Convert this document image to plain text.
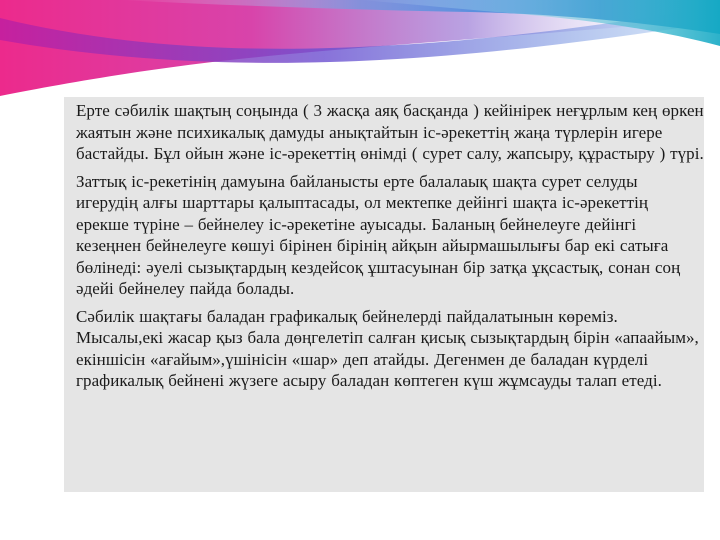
Ерте сәбилік шақтың соңында ( 3 жасқа аяқ басқанда ) кейінірек неғұрлым кең өркен жаятын және психикалық дамуды анықтайтын іс-әрекеттің жаңа түрлерін игере бастайды. Бұл ойын және іс-әрекеттің өнімді ( сурет салу, жапсыру, құрастыру ) түрі.

Заттық іс-рекетінің дамуына байланысты ерте балалаық шақта сурет селуды игерудің алғы шарттары қалыптасады, ол мектепке дейінгі шақта іс-әрекеттің ерекше түріне – бейнелеу іс-әрекетіне ауысады. Баланың бейнелеуге дейінгі кезеңнен бейнелеуге көшуі бірінен бірінің айқын айырмашылығы бар екі сатыға бөлінеді: әуелі сызықтардың кездейсоқ ұштасуынан бір затқа ұқсастық, сонан соң әдейі бейнелеу пайда болады.

Сәбилік шақтағы баладан графикалық бейнелерді пайдалатынын көреміз. Мысалы,екі жасар қыз бала дөңгелетіп салған қисық сызықтардың бірін «апаайым», екіншісін «ағайым»,үшінісін «шар» деп атайды. Дегенмен де баладан күрделі графикалық бейнені жүзеге асыру баладан көптеген күш жұмсауды талап етеді.
